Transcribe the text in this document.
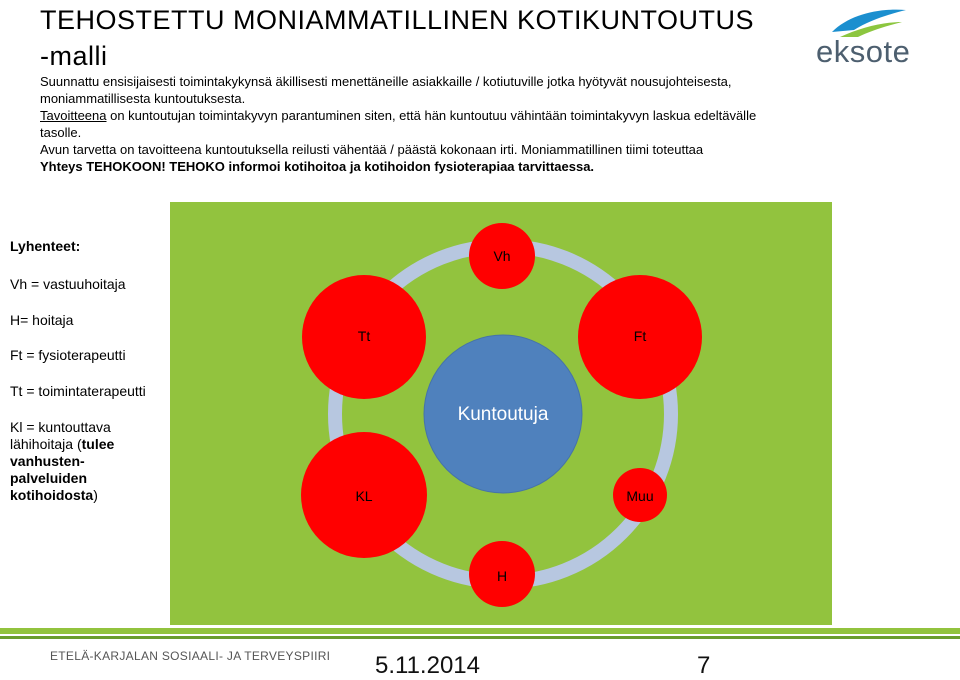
TEHOSTETTU MONIAMMATILLINEN KOTIKUNTOUTUS -malli

Suunnattu ensisijaisesti toimintakykynsä äkillisesti menettäneille asiakkaille / kotiutuville jotka hyötyvät nousujohteisesta, moniammatillisesta kuntoutuksesta.

Tavoitteena on kuntoutujan toimintakyvyn parantuminen siten, että hän kuntoutuu vähintään toimintakyvyn laskua edeltävälle tasolle.

Avun tarvetta on tavoitteena kuntoutuksella reilusti vähentää / päästä kokonaan irti. Moniammatillinen tiimi toteuttaa

Yhteys TEHOKOON! TEHOKO informoi kotihoitoa ja kotihoidon fysioterapiaa tarvittaessa.

eksote
Lyhenteet:
Vh = vastuuhoitaja
H= hoitaja
Ft = fysioterapeutti
Tt = toimintaterapeutti
Kl = kuntouttava lähihoitaja (tulee vanhusten-palveluiden kotihoidosta)
Vh
Tt	Ft
Kuntoutuja
KL	Muu
H
ETELÄ-KARJALAN SOSIAALI- JA TERVEYSPIIRI 5.11.2014	7
